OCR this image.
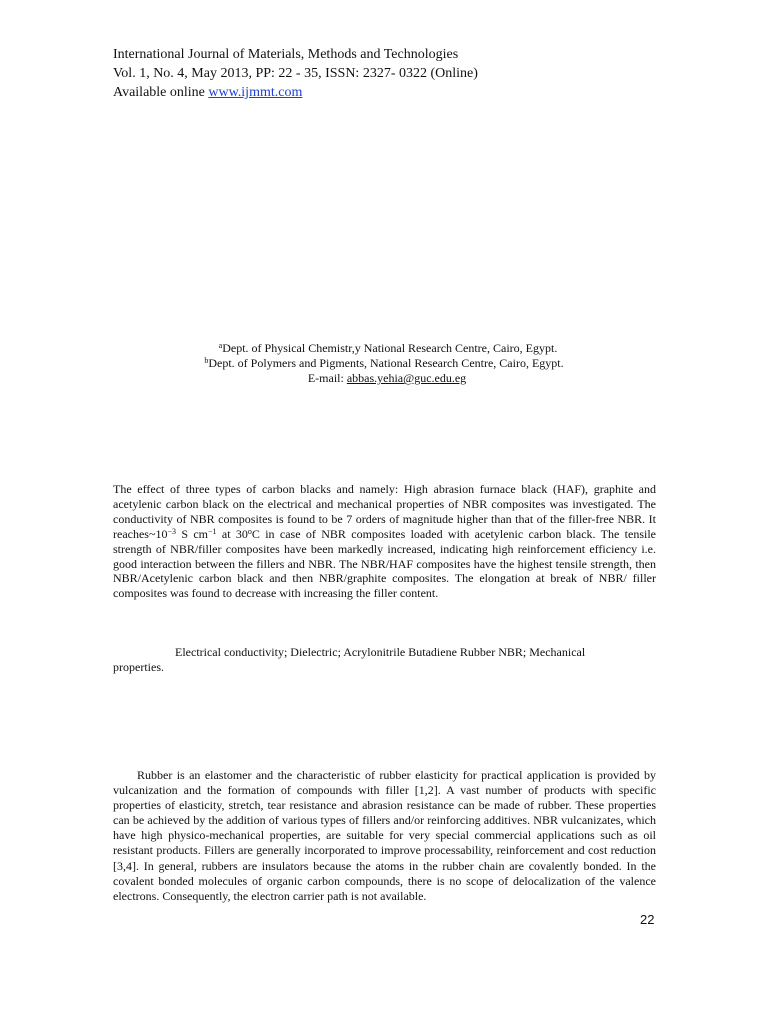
International Journal of Materials, Methods and Technologies
Vol. 1, No. 4, May 2013, PP: 22 - 35, ISSN: 2327- 0322 (Online)
Available online www.ijmmt.com
$^a$Dept. of Physical Chemistr,y National Research Centre, Cairo, Egypt.
$^b$Dept. of Polymers and Pigments, National Research Centre, Cairo, Egypt.
E-mail: abbas.yehia@guc.edu.eg
The effect of three types of carbon blacks and namely: High abrasion furnace black (HAF), graphite and acetylenic carbon black on the electrical and mechanical properties of NBR composites was investigated. The conductivity of NBR composites is found to be 7 orders of magnitude higher than that of the filler-free NBR. It $reaches\sim 10^{-3}$ S $cm^{-1}$ at 30$^o$C in case of NBR composites loaded with acetylenic carbon black. The tensile strength of NBR/filler composites have been markedly increased, indicating high reinforcement efficiency i.e. good interaction between the fillers and NBR. The NBR/HAF composites have the highest tensile strength, then NBR/Acetylenic carbon black and then NBR/graphite composites. The elongation at break of NBR/ filler composites was found to decrease with increasing the filler content.
Electrical conductivity; Dielectric; Acrylonitrile Butadiene Rubber NBR; Mechanical properties.
Rubber is an elastomer and the characteristic of rubber elasticity for practical application is provided by vulcanization and the formation of compounds with filler [1,2]. A vast number of products with specific properties of elasticity, stretch, tear resistance and abrasion resistance can be made of rubber. These properties can be achieved by the addition of various types of fillers and/or reinforcing additives. NBR vulcanizates, which have high physico-mechanical properties, are suitable for very special commercial applications such as oil resistant products. Fillers are generally incorporated to improve processability, reinforcement and cost reduction [3,4]. In general, rubbers are insulators because the atoms in the rubber chain are covalently bonded. In the covalent bonded molecules of organic carbon compounds, there is no scope of delocalization of the valence electrons. Consequently, the electron carrier path is not available.
22
